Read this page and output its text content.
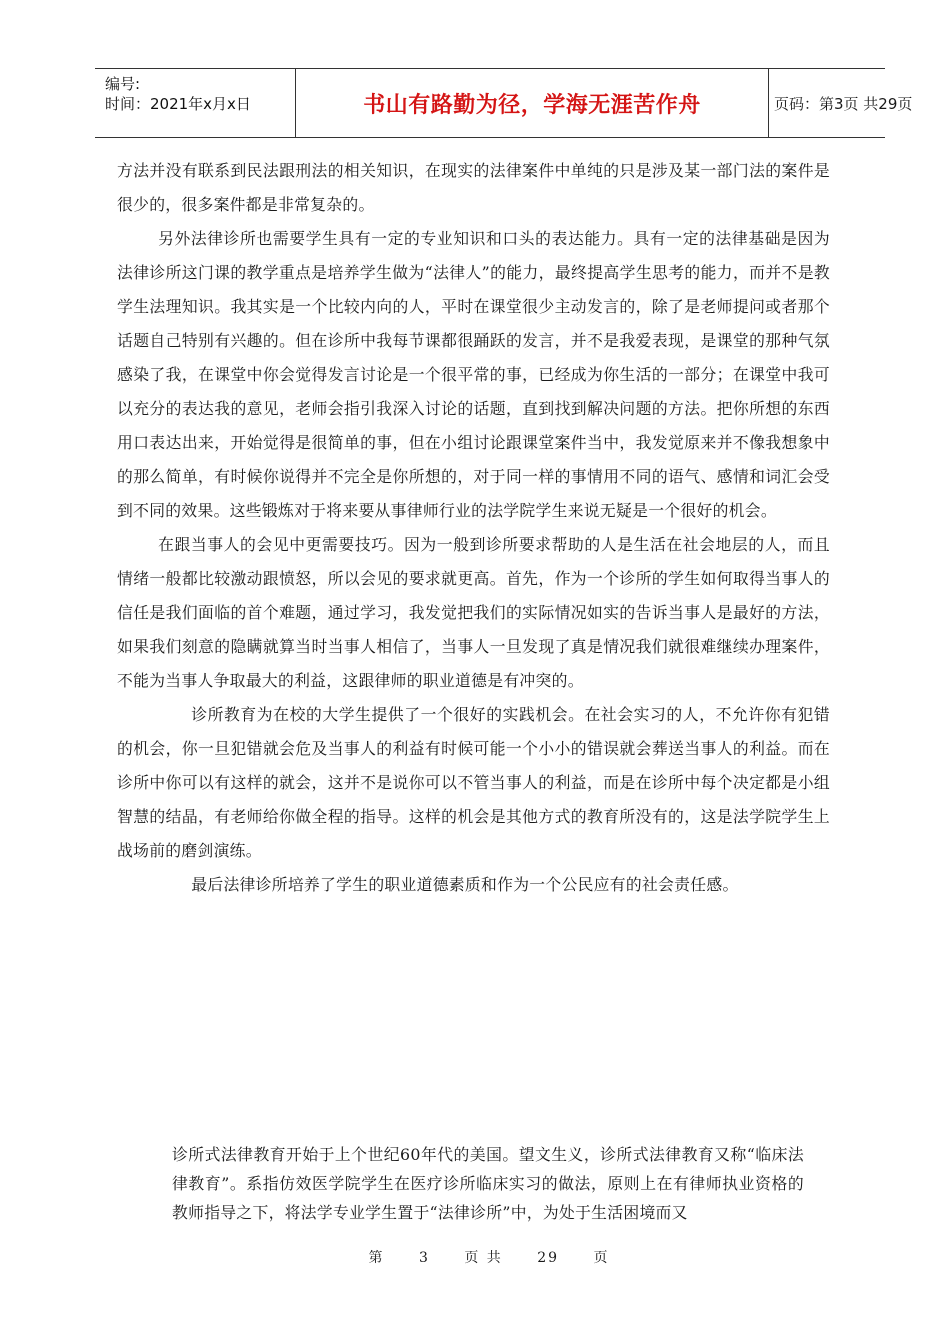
编号:
时间：2021年x月x日	书山有路勤为径，学海无涯苦作舟	页码：第3页 共29页

方法并没有联系到民法跟刑法的相关知识，在现实的法律案件中单纯的只是涉及某一部门法的案件是很少的，很多案件都是非常复杂的。

另外法律诊所也需要学生具有一定的专业知识和口头的表达能力。具有一定的法律基础是因为法律诊所这门课的教学重点是培养学生做为“法律人”的能力，最终提高学生思考的能力，而并不是教学生法理知识。我其实是一个比较内向的人，平时在课堂很少主动发言的，除了是老师提问或者那个话题自己特别有兴趣的。但在诊所中我每节课都很踊跃的发言，并不是我爱表现，是课堂的那种气氛感染了我，在课堂中你会觉得发言讨论是一个很平常的事，已经成为你生活的一部分；在课堂中我可以充分的表达我的意见，老师会指引我深入讨论的话题，直到找到解决问题的方法。把你所想的东西用口表达出来，开始觉得是很简单的事，但在小组讨论跟课堂案件当中，我发觉原来并不像我想象中的那么简单，有时候你说得并不完全是你所想的，对于同一样的事情用不同的语气、感情和词汇会受到不同的效果。这些锻炼对于将来要从事律师行业的法学院学生来说无疑是一个很好的机会。

在跟当事人的会见中更需要技巧。因为一般到诊所要求帮助的人是生活在社会地层的人，而且情绪一般都比较激动跟愤怒，所以会见的要求就更高。首先，作为一个诊所的学生如何取得当事人的信任是我们面临的首个难题，通过学习，我发觉把我们的实际情况如实的告诉当事人是最好的方法，如果我们刻意的隐瞒就算当时当事人相信了，当事人一旦发现了真是情况我们就很难继续办理案件，不能为当事人争取最大的利益，这跟律师的职业道德是有冲突的。

诊所教育为在校的大学生提供了一个很好的实践机会。在社会实习的人，不允许你有犯错的机会，你一旦犯错就会危及当事人的利益有时候可能一个小小的错误就会葬送当事人的利益。而在诊所中你可以有这样的就会，这并不是说你可以不管当事人的利益，而是在诊所中每个决定都是小组智慧的结晶，有老师给你做全程的指导。这样的机会是其他方式的教育所没有的，这是法学院学生上战场前的磨剑演练。

最后法律诊所培养了学生的职业道德素质和作为一个公民应有的社会责任感。

诊所式法律教育开始于上个世纪60年代的美国。望文生义，诊所式法律教育又称“临床法律教育”。系指仿效医学院学生在医疗诊所临床实习的做法，原则上在有律师执业资格的教师指导之下，将法学专业学生置于“法律诊所”中，为处于生活困境而又

第 3 页 共 29 页
